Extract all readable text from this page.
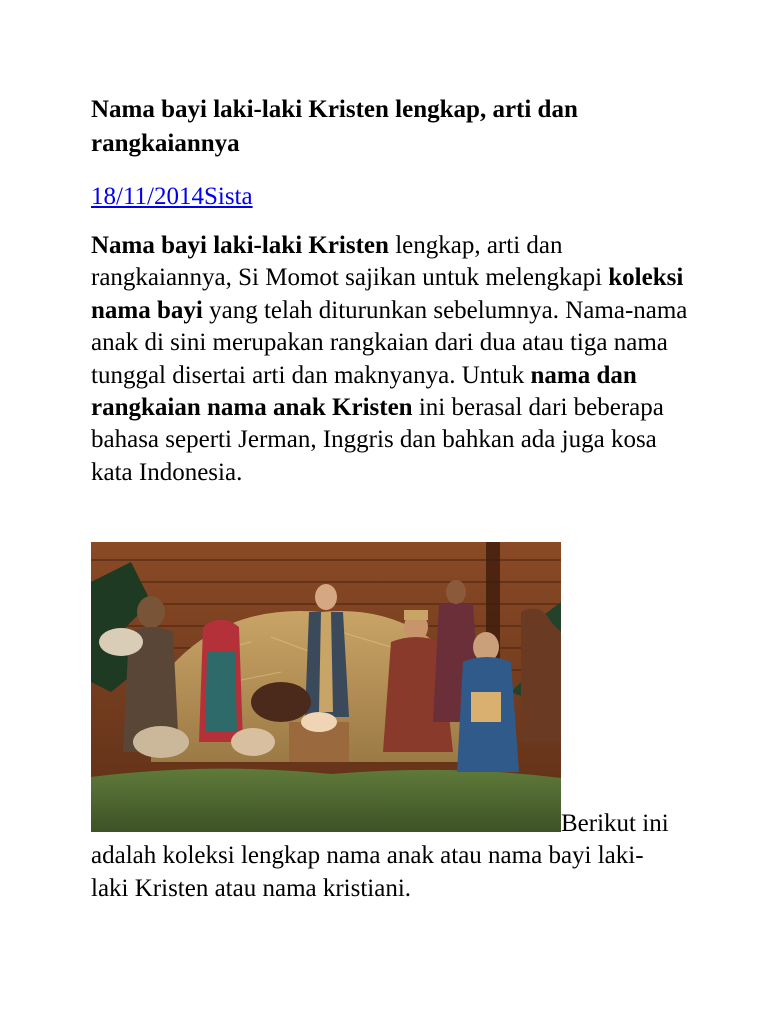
Nama bayi laki-laki Kristen lengkap, arti dan rangkaiannya
18/11/2014Sista

Nama bayi laki-laki Kristen lengkap, arti dan rangkaiannya, Si Momot sajikan untuk melengkapi koleksi nama bayi yang telah diturunkan sebelumnya. Nama-nama anak di sini merupakan rangkaian dari dua atau tiga nama tunggal disertai arti dan maknyanya. Untuk nama dan rangkaian nama anak Kristen ini berasal dari beberapa bahasa seperti Jerman, Inggris dan bahkan ada juga kosa kata Indonesia.

Berikut ini adalah koleksi lengkap nama anak atau nama bayi laki-laki Kristen atau nama kristiani.
